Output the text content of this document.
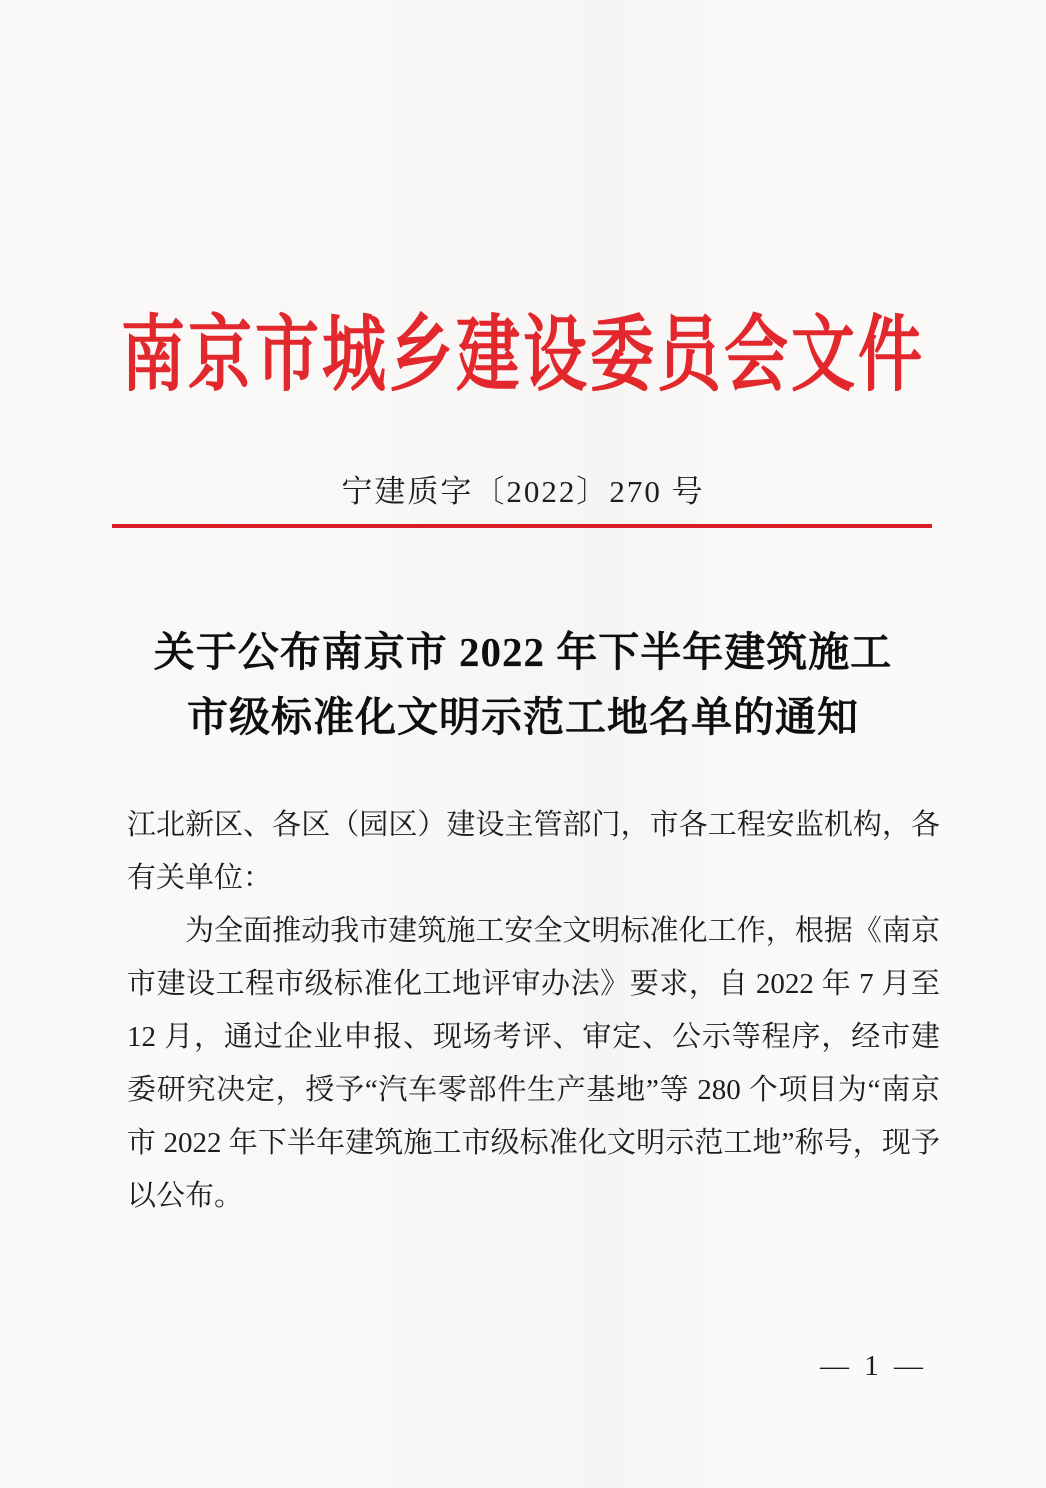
南京市城乡建设委员会文件
宁建质字〔2022〕270 号
关于公布南京市 2022 年下半年建筑施工
市级标准化文明示范工地名单的通知

江北新区、各区（园区）建设主管部门，市各工程安监机构，各有关单位：

为全面推动我市建筑施工安全文明标准化工作，根据《南京市建设工程市级标准化工地评审办法》要求，自 2022 年 7 月至 12 月，通过企业申报、现场考评、审定、公示等程序，经市建委研究决定，授予“汽车零部件生产基地”等 280 个项目为“南京市 2022 年下半年建筑施工市级标准化文明示范工地”称号，现予以公布。

— 1 —
